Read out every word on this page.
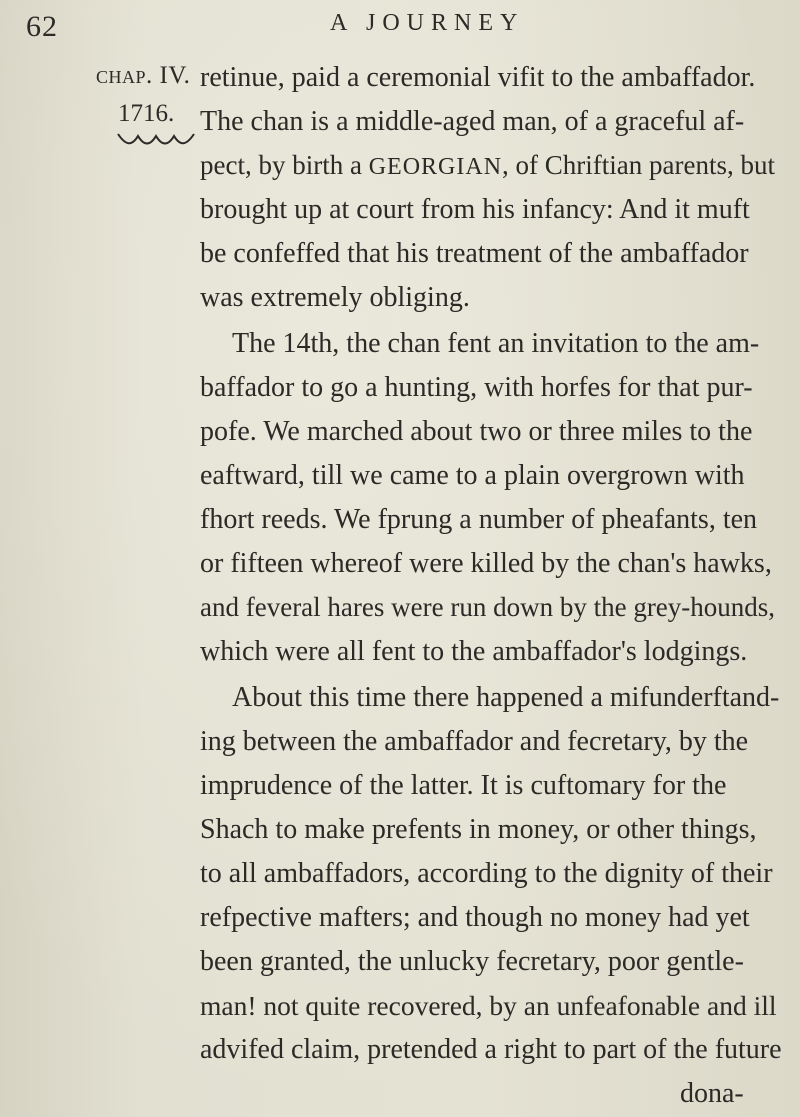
62	A JOURNEY
chap. IV.
1716.
retinue, paid a ceremonial vifit to the ambaffador.
The chan is a middle-aged man, of a graceful af-
pect, by birth a GEORGIAN, of Chriftian parents, but
brought up at court from his infancy: And it muft
be confeffed that his treatment of the ambaffador
was extremely obliging.
The 14th, the chan fent an invitation to the am-
baffador to go a hunting, with horfes for that pur-
pofe. We marched about two or three miles to the
eaftward, till we came to a plain overgrown with
fhort reeds. We fprung a number of pheafants, ten
or fifteen whereof were killed by the chan's hawks,
and feveral hares were run down by the grey-hounds,
which were all fent to the ambaffador's lodgings.
About this time there happened a mifunderftand-
ing between the ambaffador and fecretary, by the
imprudence of the latter. It is cuftomary for the
Shach to make prefents in money, or other things,
to all ambaffadors, according to the dignity of their
refpective mafters; and though no money had yet
been granted, the unlucky fecretary, poor gentle-
man! not quite recovered, by an unfeafonable and ill
advifed claim, pretended a right to part of the future
dona-
